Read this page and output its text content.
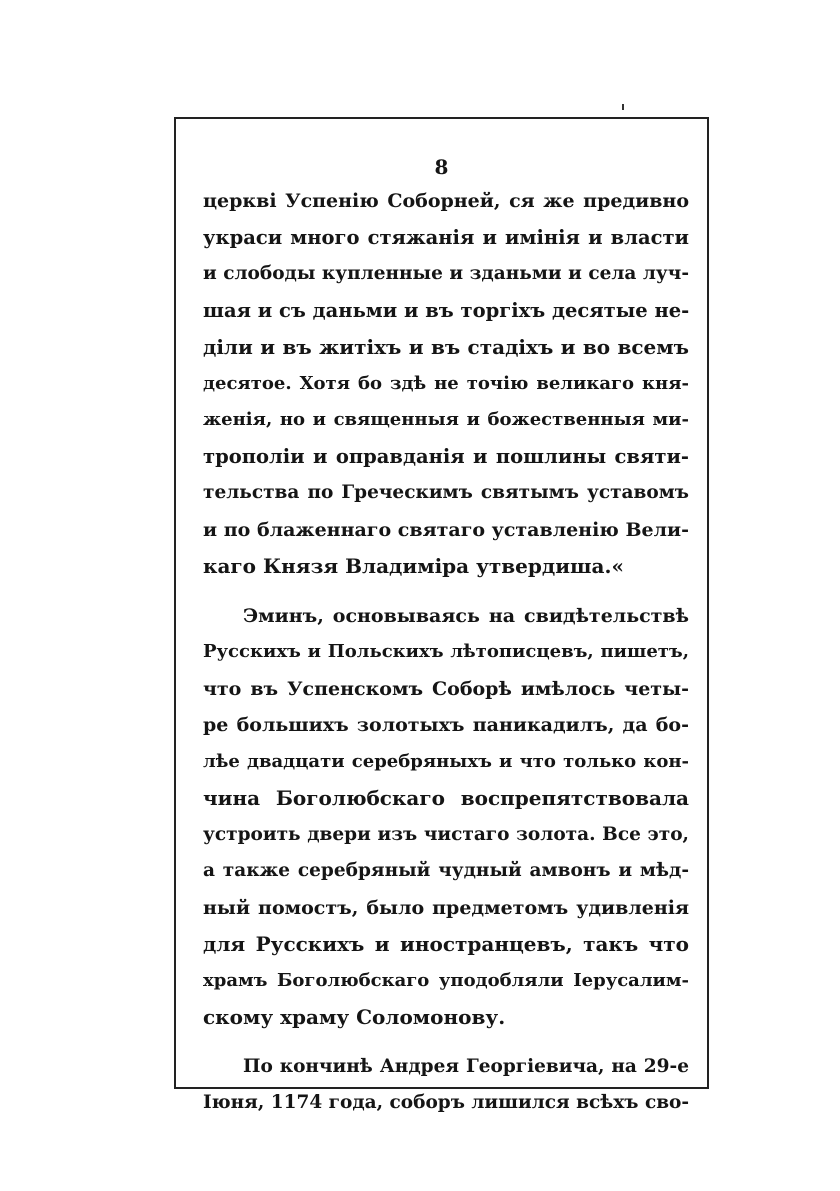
8
церкві Успенію Соборней, ся же предивно
украси много стяжанія и имінія и власти
и слободы купленные и зданьми и села луч-
шая и съ даньми и въ торгіхъ десятые не-
діли и въ житіхъ и въ стадіхъ и во всемъ
десятое. Хотя бо здѣ не точію великаго кня-
женія, но и священныя и божественныя ми-
трополіи и оправданія и пошлины святи-
тельства по Греческимъ святымъ уставомъ
и по блаженнаго святаго уставленію Вели-
каго Князя Владиміра утвердиша.«
Эминъ, основываясь на свидѣтельствѣ
Русскихъ и Польскихъ лѣтописцевъ, пишетъ,
что въ Успенскомъ Соборѣ имѣлось четы-
ре большихъ золотыхъ паникадилъ, да бо-
лѣе двадцати серебряныхъ и что только кон-
чина Боголюбскаго воспрепятствовала
устроить двери изъ чистаго золота. Все это,
а также серебряный чудный амвонъ и мѣд-
ный помостъ, было предметомъ удивленія
для Русскихъ и иностранцевъ, такъ что
храмъ Боголюбскаго уподобляли Іерусалим-
скому храму Соломонову.
По кончинѣ Андрея Георгіевича, на 29-е
Іюня, 1174 года, соборъ лишился всѣхъ сво-
